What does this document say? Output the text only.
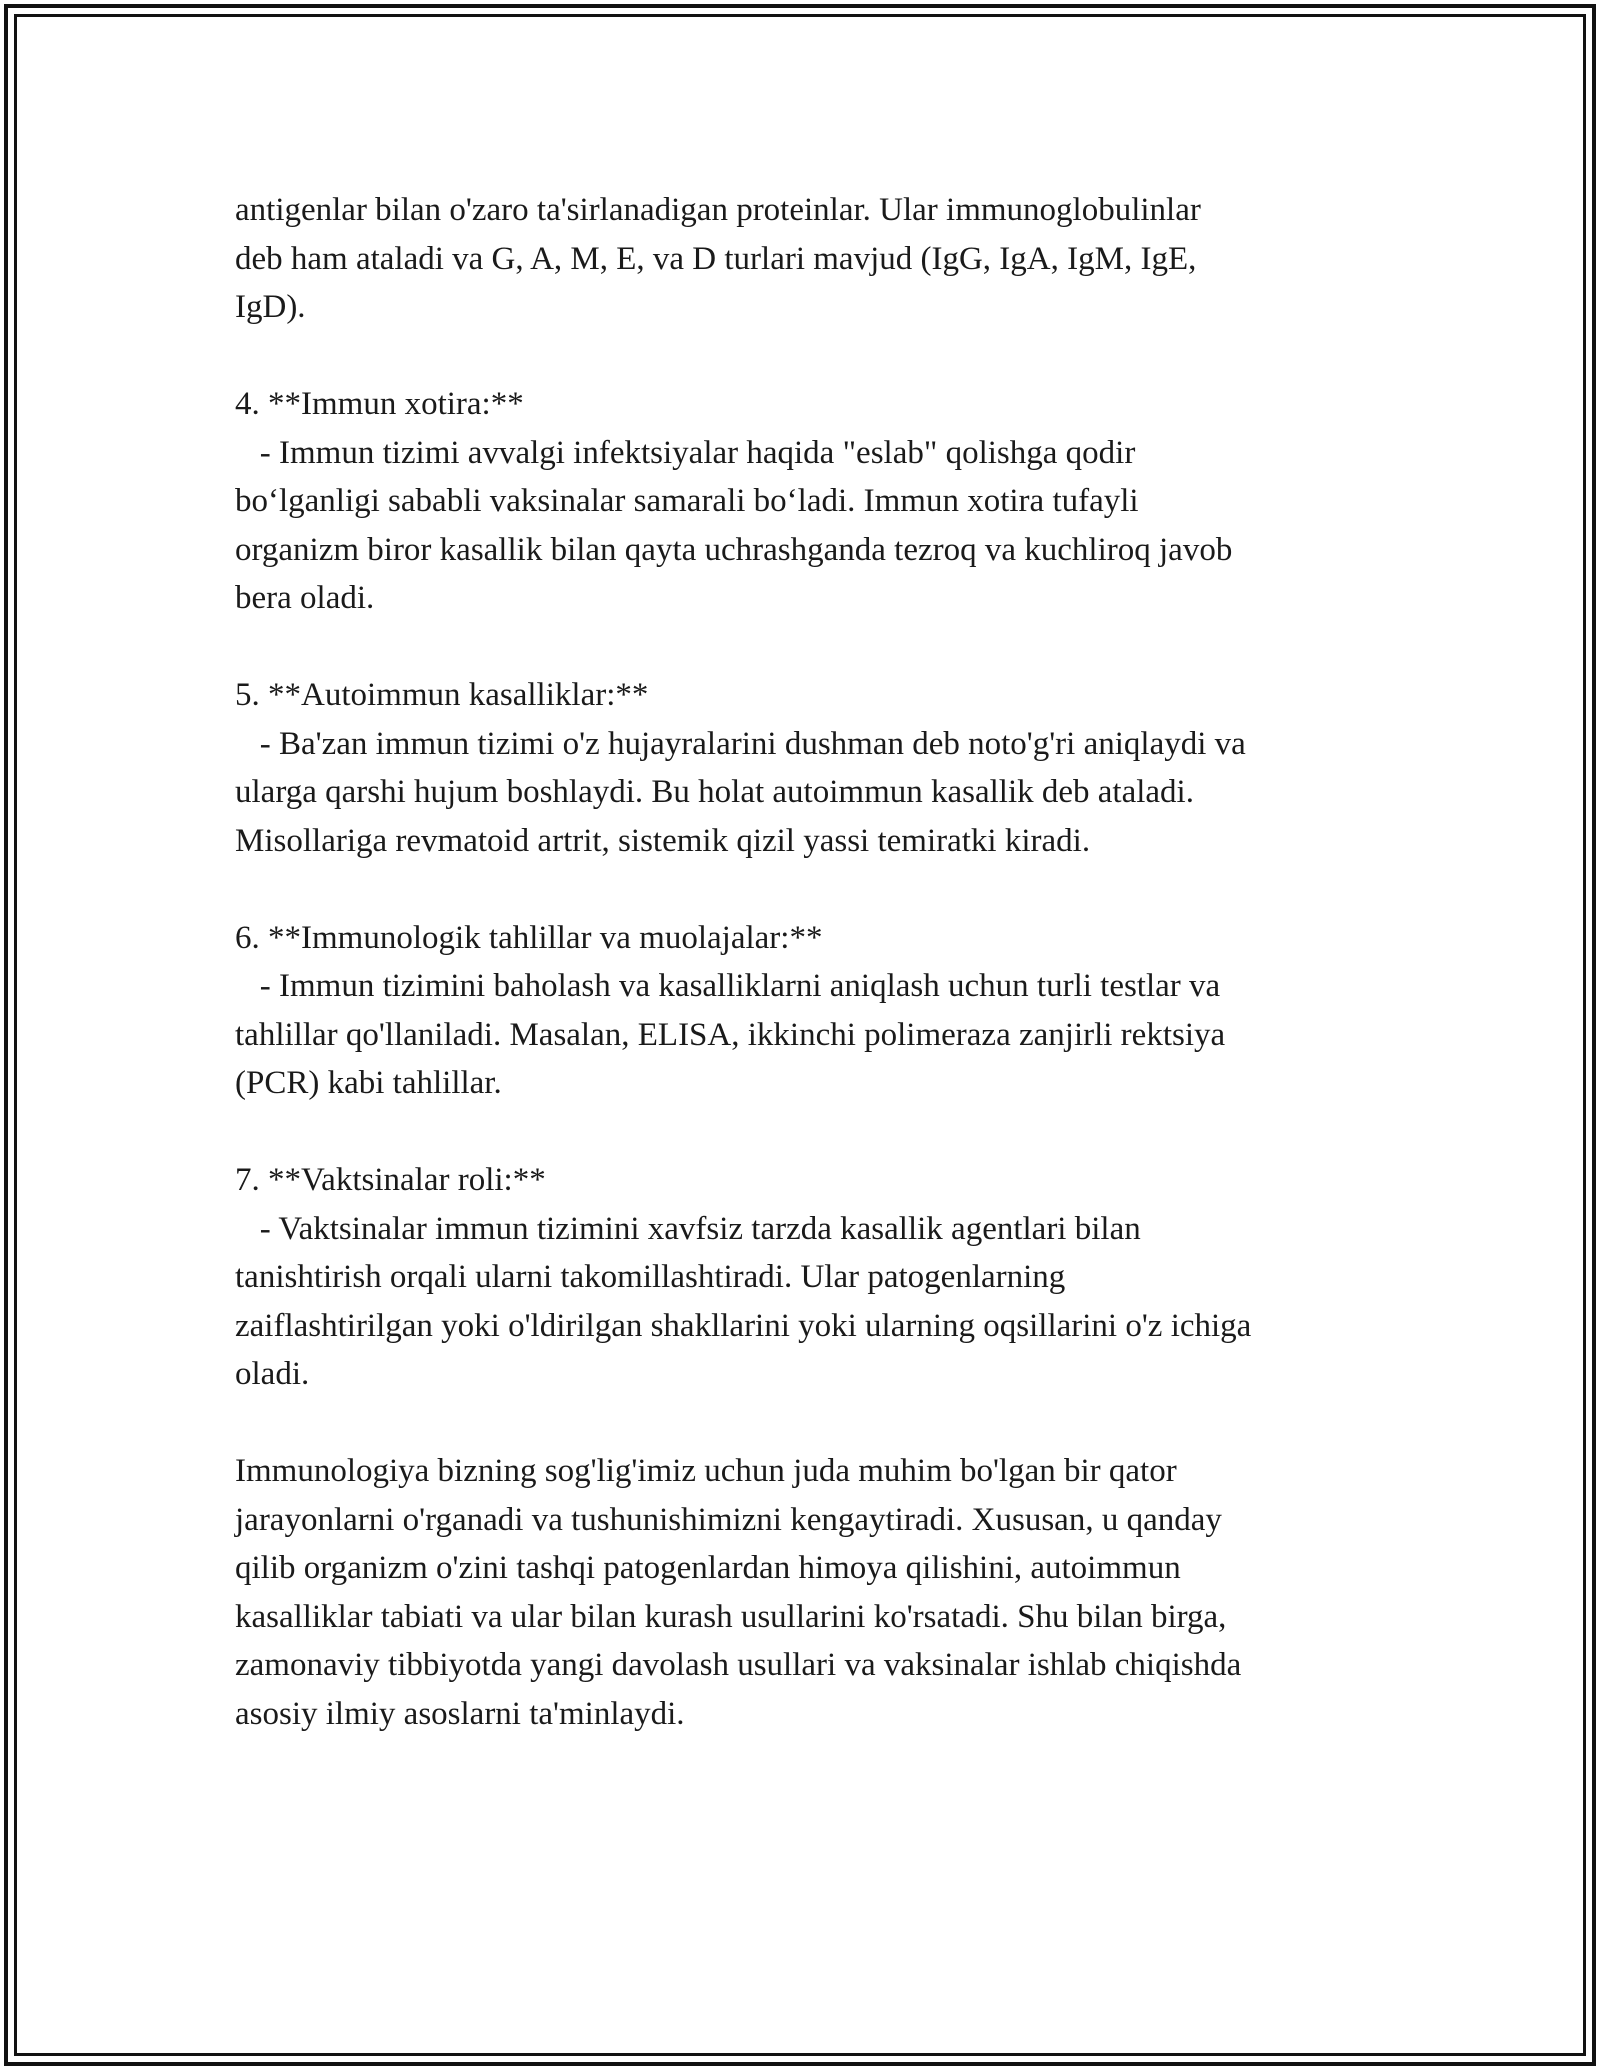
antigenlar bilan o'zaro ta'sirlanadigan proteinlar. Ular immunoglobulinlar
deb ham ataladi va G, A, M, E, va D turlari mavjud (IgG, IgA, IgM, IgE,
IgD).
4. **Immun xotira:**
- Immun tizimi avvalgi infektsiyalar haqida "eslab" qolishga qodir
bo‘lganligi sababli vaksinalar samarali bo‘ladi. Immun xotira tufayli
organizm biror kasallik bilan qayta uchrashganda tezroq va kuchliroq javob
bera oladi.
5. **Autoimmun kasalliklar:**
- Ba'zan immun tizimi o'z hujayralarini dushman deb noto'g'ri aniqlaydi va
ularga qarshi hujum boshlaydi. Bu holat autoimmun kasallik deb ataladi.
Misollariga revmatoid artrit, sistemik qizil yassi temiratki kiradi.
6. **Immunologik tahlillar va muolajalar:**
- Immun tizimini baholash va kasalliklarni aniqlash uchun turli testlar va
tahlillar qo'llaniladi. Masalan, ELISA, ikkinchi polimeraza zanjirli rektsiya
(PCR) kabi tahlillar.
7. **Vaktsinalar roli:**
- Vaktsinalar immun tizimini xavfsiz tarzda kasallik agentlari bilan
tanishtirish orqali ularni takomillashtiradi. Ular patogenlarning
zaiflashtirilgan yoki o'ldirilgan shakllarini yoki ularning oqsillarini o'z ichiga
oladi.
Immunologiya bizning sog'lig'imiz uchun juda muhim bo'lgan bir qator
jarayonlarni o'rganadi va tushunishimizni kengaytiradi. Xususan, u qanday
qilib organizm o'zini tashqi patogenlardan himoya qilishini, autoimmun
kasalliklar tabiati va ular bilan kurash usullarini ko'rsatadi. Shu bilan birga,
zamonaviy tibbiyotda yangi davolash usullari va vaksinalar ishlab chiqishda
asosiy ilmiy asoslarni ta'minlaydi.
